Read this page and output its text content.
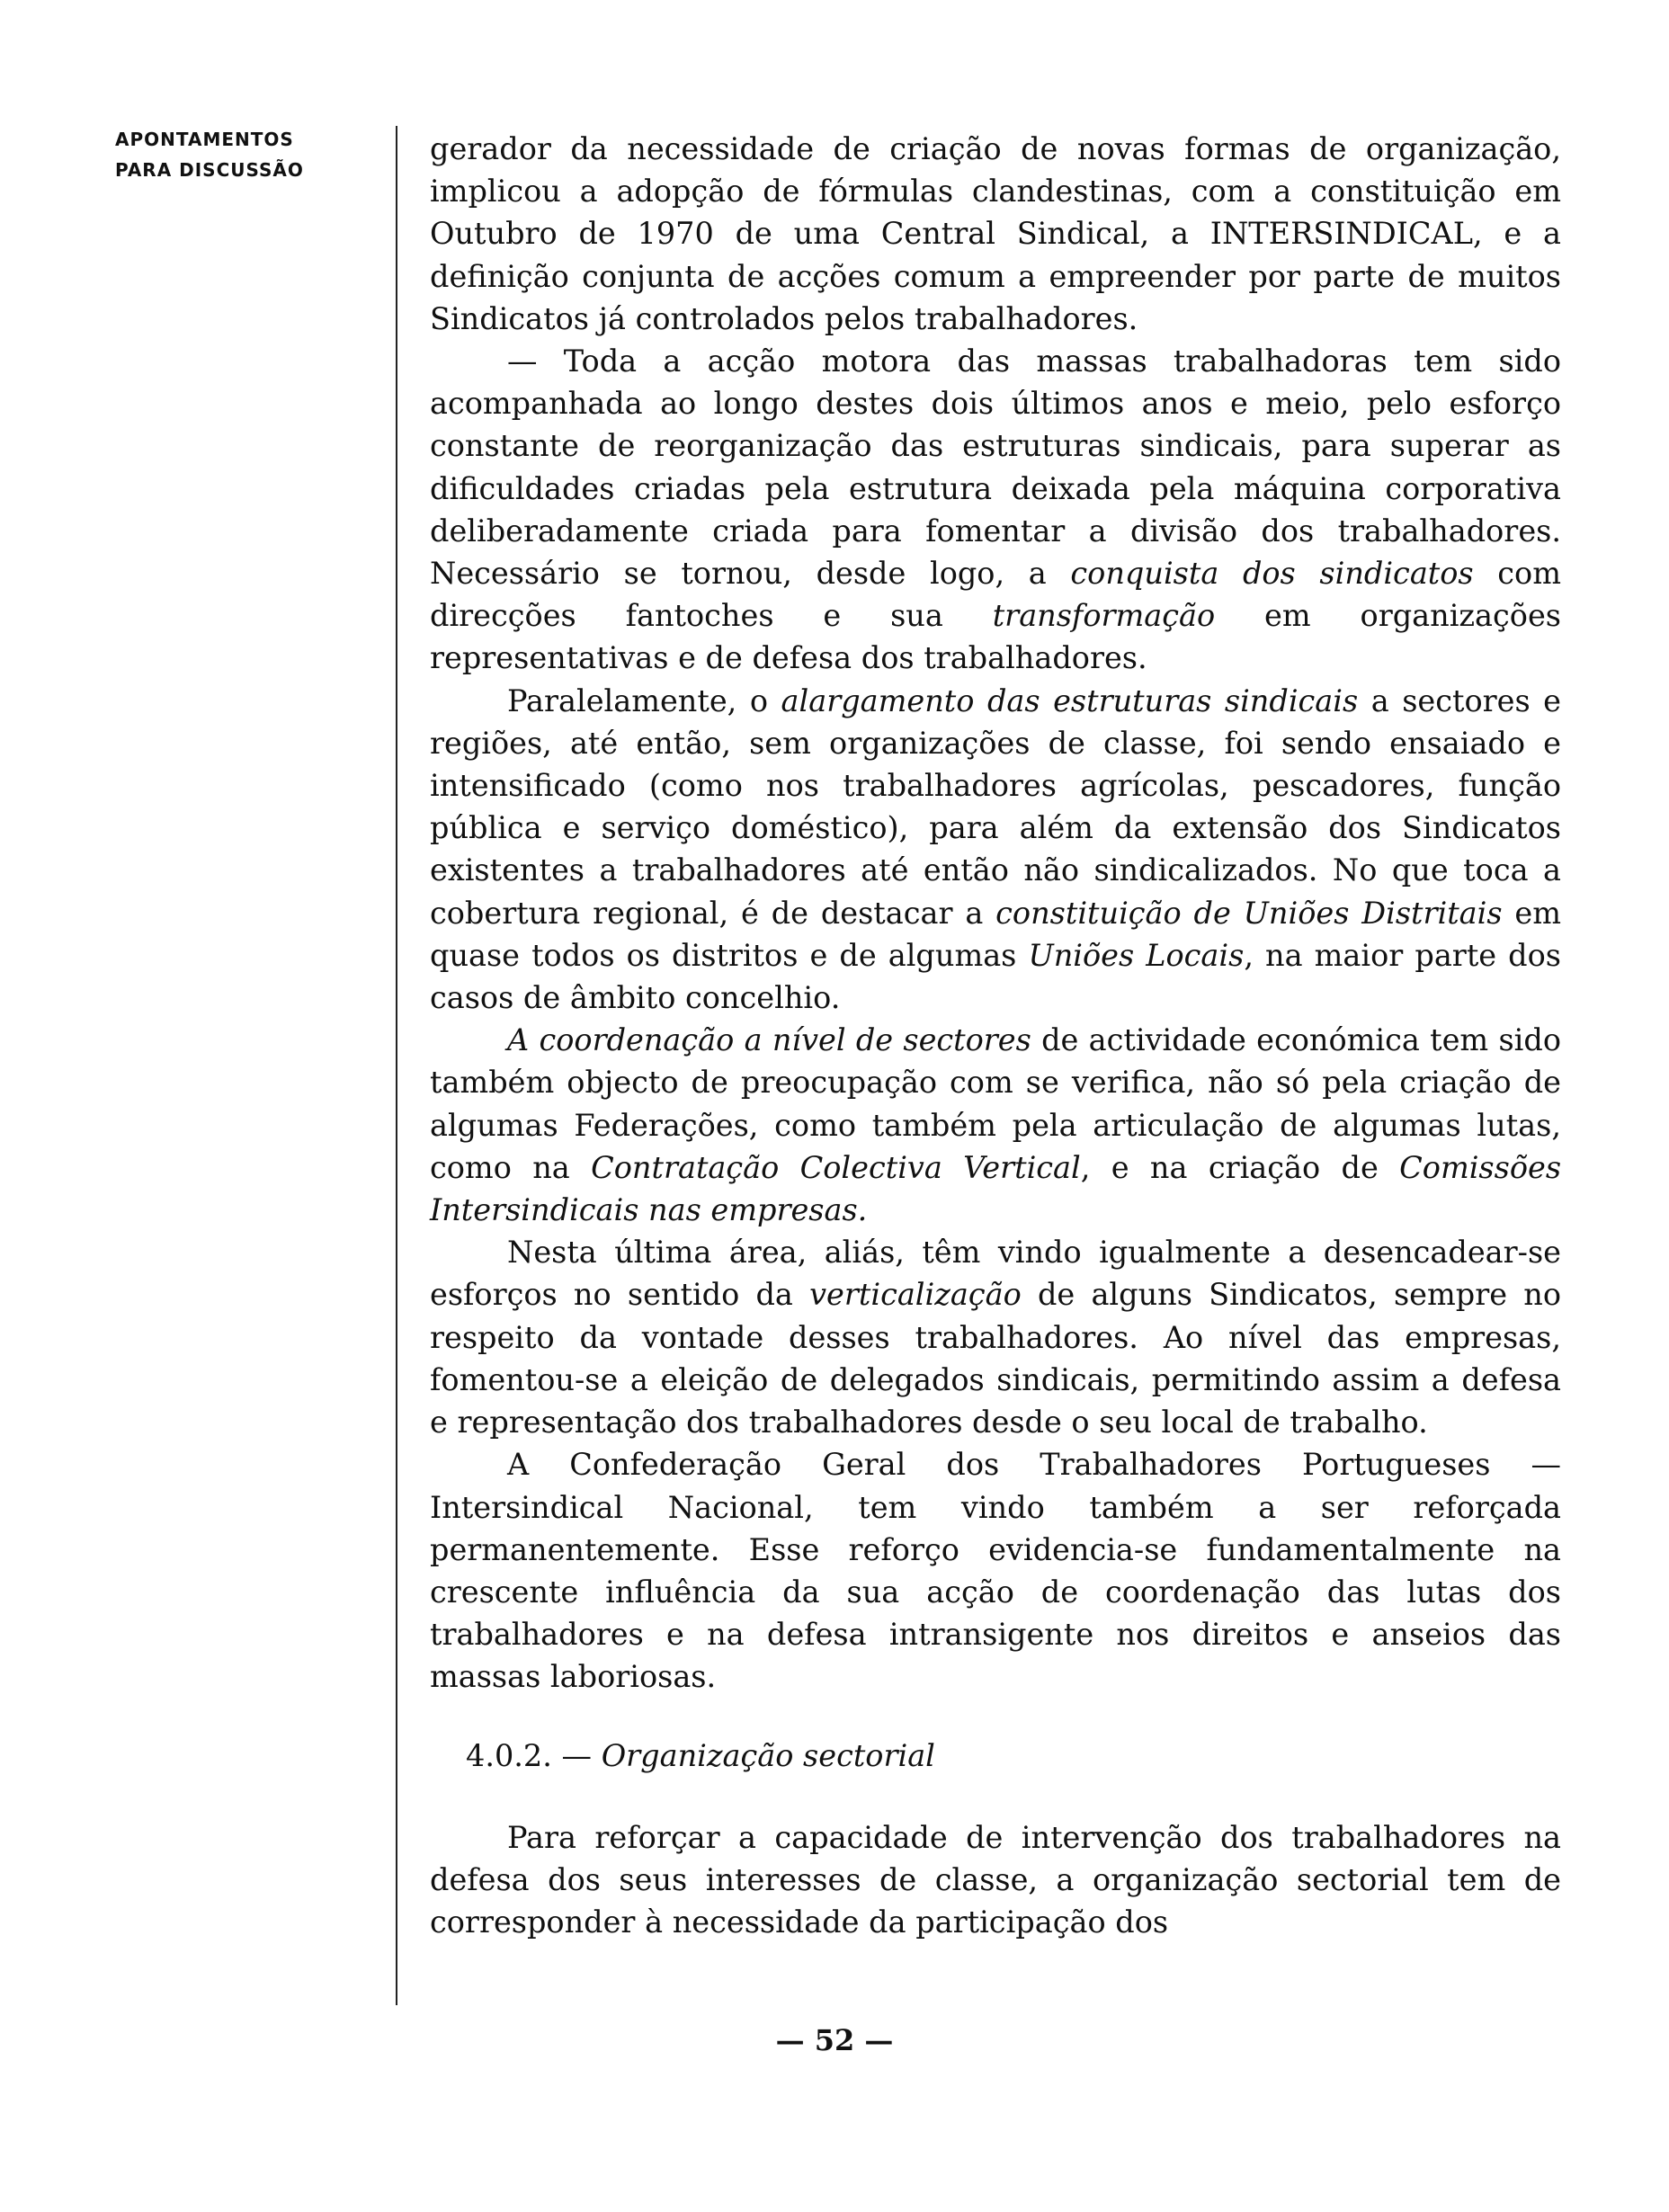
APONTAMENTOS
PARA DISCUSSÃO

gerador da necessidade de criação de novas formas de organização, implicou a adopção de fórmulas clandestinas, com a constituição em Outubro de 1970 de uma Central Sindical, a INTERSINDICAL, e a definição conjunta de acções comum a empreender por parte de muitos Sindicatos já controlados pelos trabalhadores.

— Toda a acção motora das massas trabalhadoras tem sido acompanhada ao longo destes dois últimos anos e meio, pelo esforço constante de reorganização das estruturas sindicais, para superar as dificuldades criadas pela estrutura deixada pela máquina corporativa deliberadamente criada para fomentar a divisão dos trabalhadores. Necessário se tornou, desde logo, a conquista dos sindicatos com direcções fantoches e sua transformação em organizações representativas e de defesa dos trabalhadores.

Paralelamente, o alargamento das estruturas sindicais a sectores e regiões, até então, sem organizações de classe, foi sendo ensaiado e intensificado (como nos trabalhadores agrícolas, pescadores, função pública e serviço doméstico), para além da extensão dos Sindicatos existentes a trabalhadores até então não sindicalizados. No que toca a cobertura regional, é de destacar a constituição de Uniões Distritais em quase todos os distritos e de algumas Uniões Locais, na maior parte dos casos de âmbito concelhio.

A coordenação a nível de sectores de actividade económica tem sido também objecto de preocupação com se verifica, não só pela criação de algumas Federações, como também pela articulação de algumas lutas, como na Contratação Colectiva Vertical, e na criação de Comissões Intersindicais nas empresas.

Nesta última área, aliás, têm vindo igualmente a desencadear-se esforços no sentido da verticalização de alguns Sindicatos, sempre no respeito da vontade desses trabalhadores. Ao nível das empresas, fomentou-se a eleição de delegados sindicais, permitindo assim a defesa e representação dos trabalhadores desde o seu local de trabalho.

A Confederação Geral dos Trabalhadores Portugueses — Intersindical Nacional, tem vindo também a ser reforçada permanentemente. Esse reforço evidencia-se fundamentalmente na crescente influência da sua acção de coordenação das lutas dos trabalhadores e na defesa intransigente nos direitos e anseios das massas laboriosas.

4.0.2. — Organização sectorial

Para reforçar a capacidade de intervenção dos trabalhadores na defesa dos seus interesses de classe, a organização sectorial tem de corresponder à necessidade da participação dos

— 52 —
